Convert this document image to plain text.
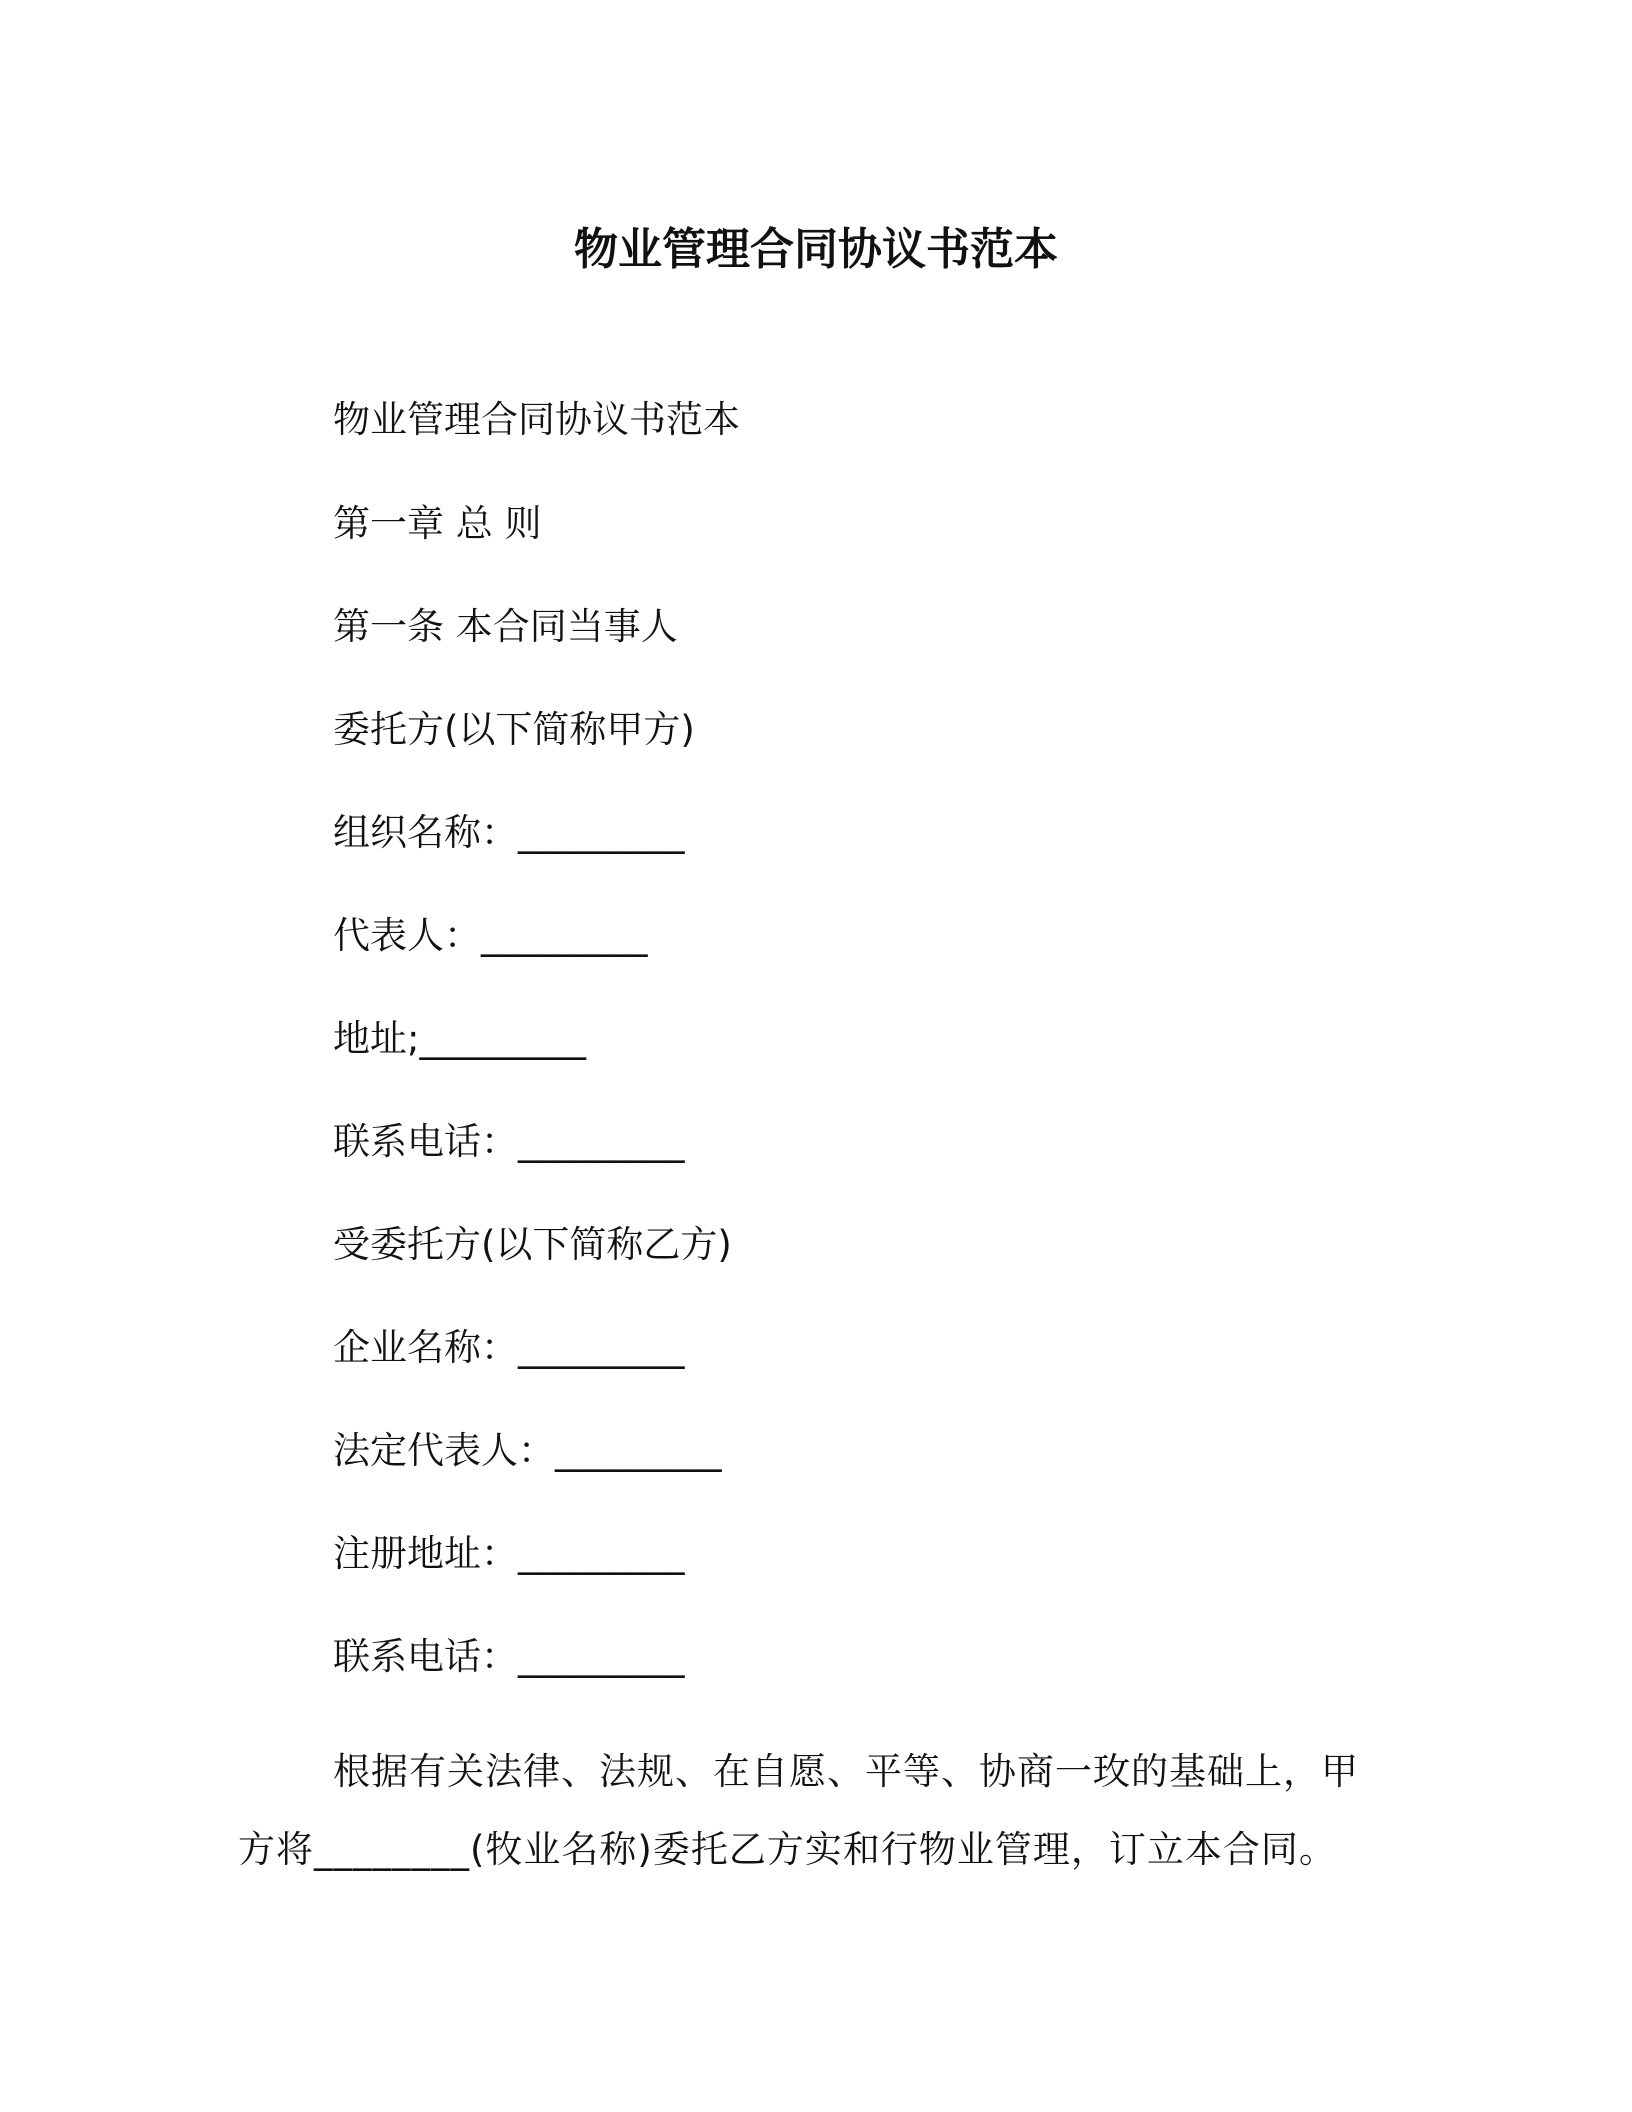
物业管理合同协议书范本
物业管理合同协议书范本
第一章 总 则
第一条 本合同当事人
委托方(以下简称甲方)
组织名称：_________
代表人：_________
地址;_________
联系电话：_________
受委托方(以下简称乙方)
企业名称：_________
法定代表人：_________
注册地址：_________
联系电话：_________
根据有关法律、法规、在自愿、平等、协商一玫的基础上，甲方将________(牧业名称)委托乙方实和行物业管理，订立本合同。
